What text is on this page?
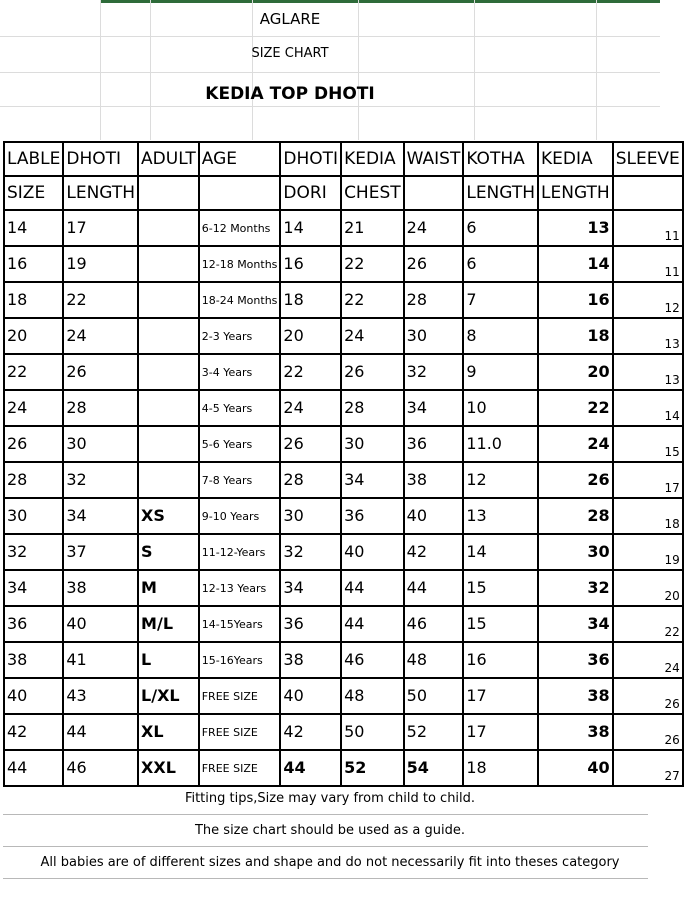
AGLARE
SIZE CHART
KEDIA TOP DHOTI
LABLE	DHOTI	ADULT	AGE	DHOTI	KEDIA	WAIST	KOTHA	KEDIA	SLEEVE
SIZE	LENGTH			DORI	CHEST		LENGTH	LENGTH	
14	17		6-12 Months	14	21	24	6	13	11
16	19		12-18 Months	16	22	26	6	14	11
18	22		18-24 Months	18	22	28	7	16	12
20	24		2-3 Years	20	24	30	8	18	13
22	26		3-4 Years	22	26	32	9	20	13
24	28		4-5 Years	24	28	34	10	22	14
26	30		5-6 Years	26	30	36	11.0	24	15
28	32		7-8 Years	28	34	38	12	26	17
30	34	XS	9-10 Years	30	36	40	13	28	18
32	37	S	11-12-Years	32	40	42	14	30	19
34	38	M	12-13 Years	34	44	44	15	32	20
36	40	M/L	14-15Years	36	44	46	15	34	22
38	41	L	15-16Years	38	46	48	16	36	24
40	43	L/XL	FREE SIZE	40	48	50	17	38	26
42	44	XL	FREE SIZE	42	50	52	17	38	26
44	46	XXL	FREE SIZE	44	52	54	18	40	27
Fitting tips,Size may vary from child to child.
The size chart should be used as a guide.
All babies are of different sizes and shape and do not necessarily fit into theses category
